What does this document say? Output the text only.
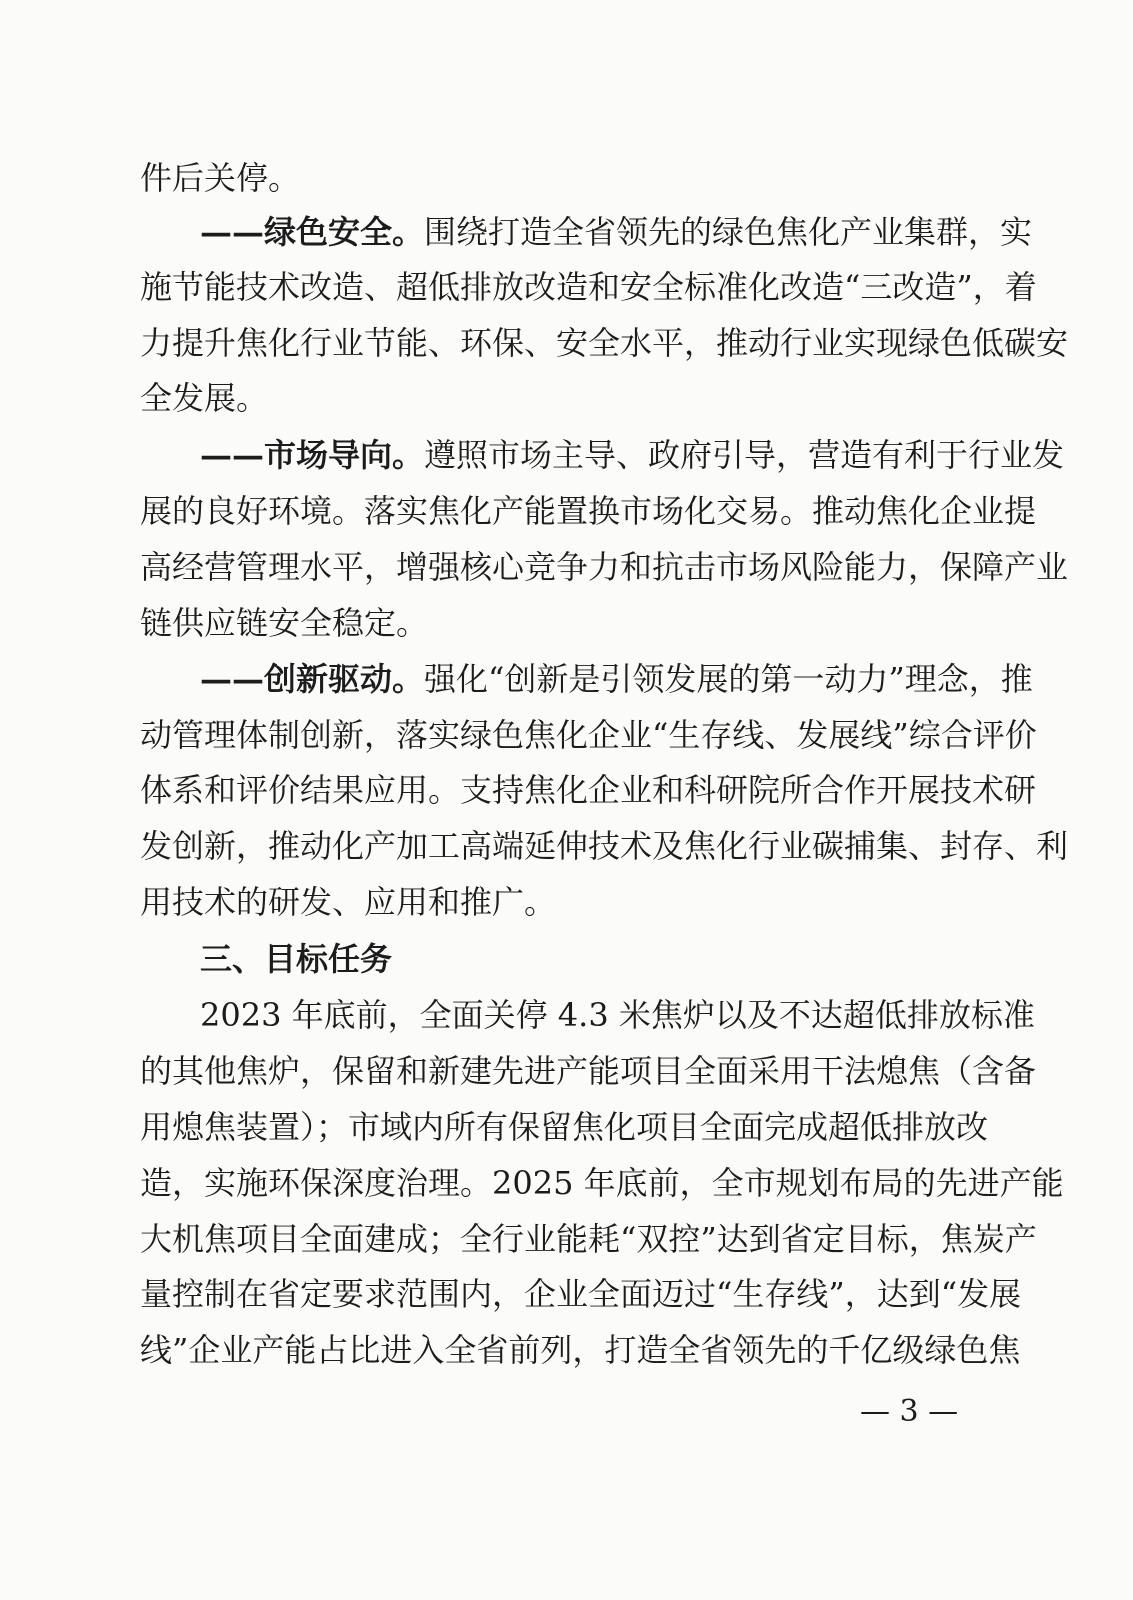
件后关停。
——绿色安全。围绕打造全省领先的绿色焦化产业集群，实
施节能技术改造、超低排放改造和安全标准化改造“三改造”，着
力提升焦化行业节能、环保、安全水平，推动行业实现绿色低碳安
全发展。
——市场导向。遵照市场主导、政府引导，营造有利于行业发
展的良好环境。落实焦化产能置换市场化交易。推动焦化企业提
高经营管理水平，增强核心竞争力和抗击市场风险能力，保障产业
链供应链安全稳定。
——创新驱动。强化“创新是引领发展的第一动力”理念，推
动管理体制创新，落实绿色焦化企业“生存线、发展线”综合评价
体系和评价结果应用。支持焦化企业和科研院所合作开展技术研
发创新，推动化产加工高端延伸技术及焦化行业碳捕集、封存、利
用技术的研发、应用和推广。
三、目标任务
2023 年底前，全面关停 4.3 米焦炉以及不达超低排放标准
的其他焦炉，保留和新建先进产能项目全面采用干法熄焦（含备
用熄焦装置）；市域内所有保留焦化项目全面完成超低排放改
造，实施环保深度治理。2025 年底前，全市规划布局的先进产能
大机焦项目全面建成；全行业能耗“双控”达到省定目标，焦炭产
量控制在省定要求范围内，企业全面迈过“生存线”，达到“发展
线”企业产能占比进入全省前列，打造全省领先的千亿级绿色焦
— 3 —
